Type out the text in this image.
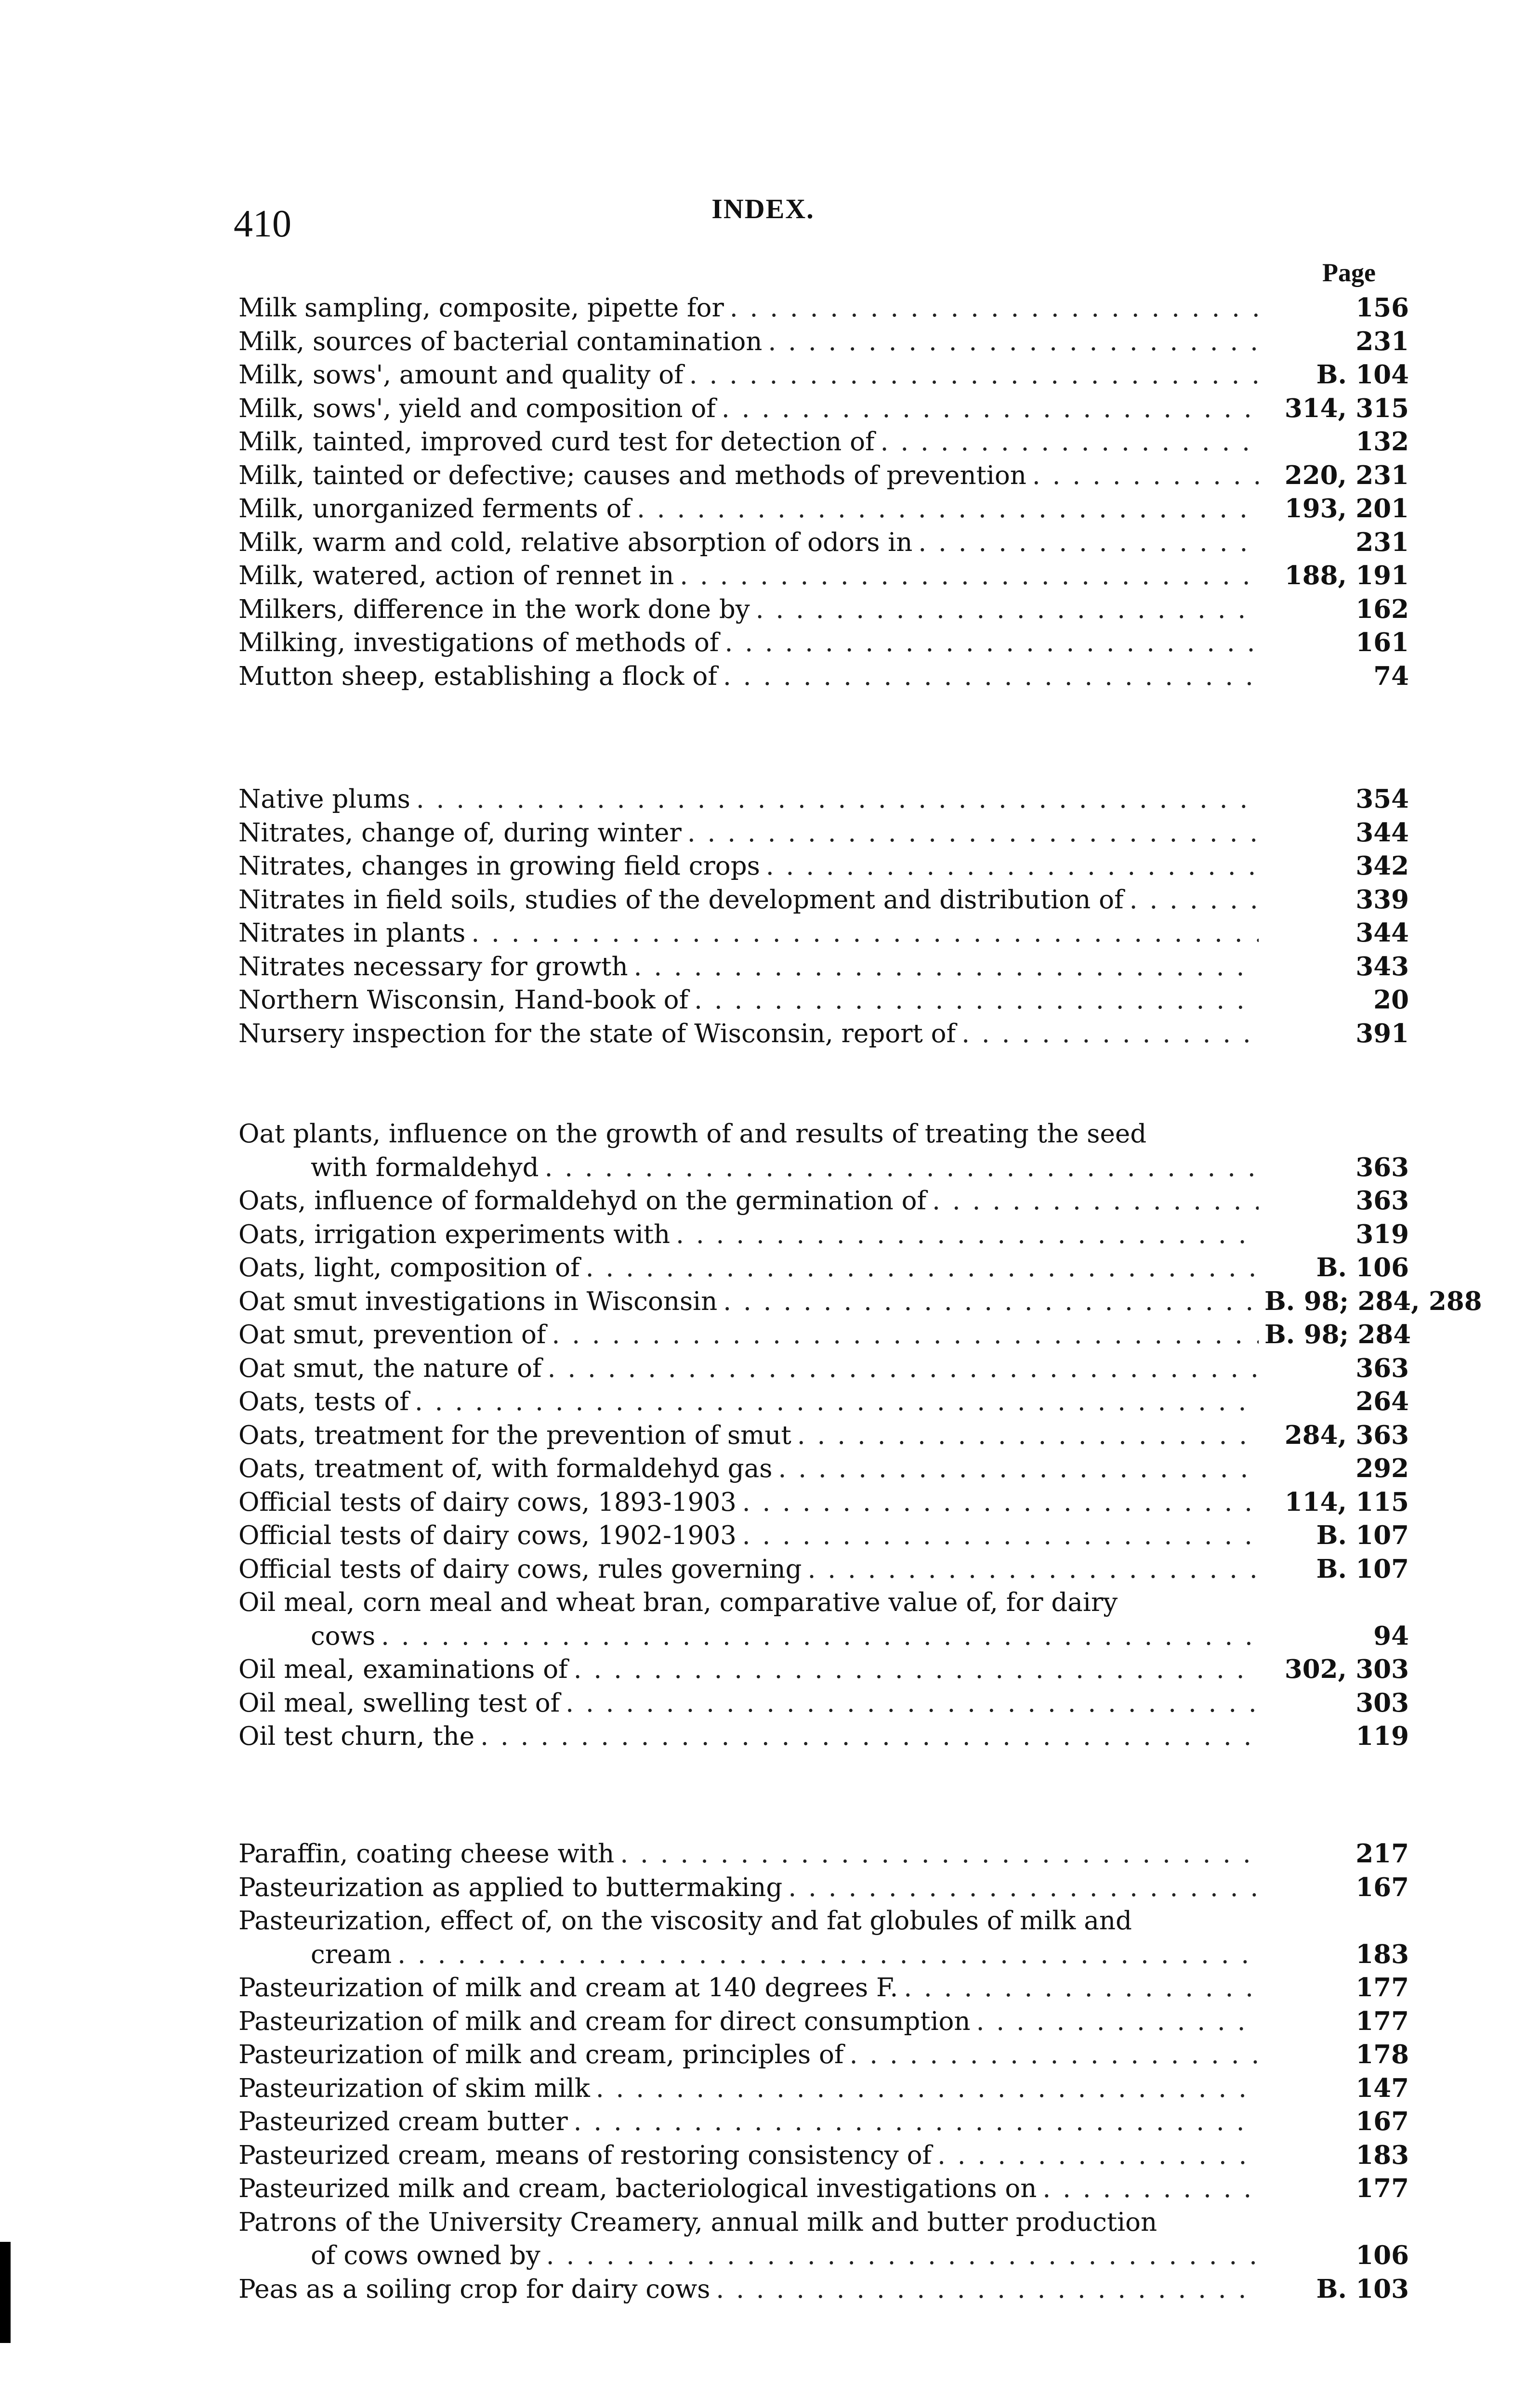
410	INDEX.
Page
Milk sampling, composite, pipette for . . .	156
Milk, sources of bacterial contamination . . .	231
Milk, sows', amount and quality of . . .	B. 104
Milk, sows', yield and composition of . . .	314, 315
Milk, tainted, improved curd test for detection of . . .	132
Milk, tainted or defective; causes and methods of prevention . . .	220, 231
Milk, unorganized ferments of . . .	193, 201
Milk, warm and cold, relative absorption of odors in . . .	231
Milk, watered, action of rennet in . . .	188, 191
Milkers, difference in the work done by . . .	162
Milking, investigations of methods of . . .	161
Mutton sheep, establishing a flock of . . .	74
Native plums . . .	354
Nitrates, change of, during winter . . .	344
Nitrates, changes in growing field crops . . .	342
Nitrates in field soils, studies of the development and distribution of . . .	339
Nitrates in plants . . .	344
Nitrates necessary for growth . . .	343
Northern Wisconsin, Hand-book of . . .	20
Nursery inspection for the state of Wisconsin, report of . . .	391
Oat plants, influence on the growth of and results of treating the seed
with formaldehyd . . .	363
Oats, influence of formaldehyd on the germination of . . .	363
Oats, irrigation experiments with . . .	319
Oats, light, composition of . . .	B. 106
Oat smut investigations in Wisconsin . . .	B. 98; 284, 288
Oat smut, prevention of . . .	B. 98; 284
Oat smut, the nature of . . .	363
Oats, tests of . . .	264
Oats, treatment for the prevention of smut . . .	284, 363
Oats, treatment of, with formaldehyd gas . . .	292
Official tests of dairy cows, 1893-1903 . . .	114, 115
Official tests of dairy cows, 1902-1903 . . .	B. 107
Official tests of dairy cows, rules governing . . .	B. 107
Oil meal, corn meal and wheat bran, comparative value of, for dairy
cows . . .	94
Oil meal, examinations of . . .	302, 303
Oil meal, swelling test of . . .	303
Oil test churn, the . . .	119
Paraffin, coating cheese with . . .	217
Pasteurization as applied to buttermaking . . .	167
Pasteurization, effect of, on the viscosity and fat globules of milk and
cream . . .	183
Pasteurization of milk and cream at 140 degrees F. . . .	177
Pasteurization of milk and cream for direct consumption . . .	177
Pasteurization of milk and cream, principles of . . .	178
Pasteurization of skim milk . . .	147
Pasteurized cream butter . . .	167
Pasteurized cream, means of restoring consistency of . . .	183
Pasteurized milk and cream, bacteriological investigations on . . .	177
Patrons of the University Creamery, annual milk and butter production
of cows owned by . . .	106
Peas as a soiling crop for dairy cows . . .	B. 103
